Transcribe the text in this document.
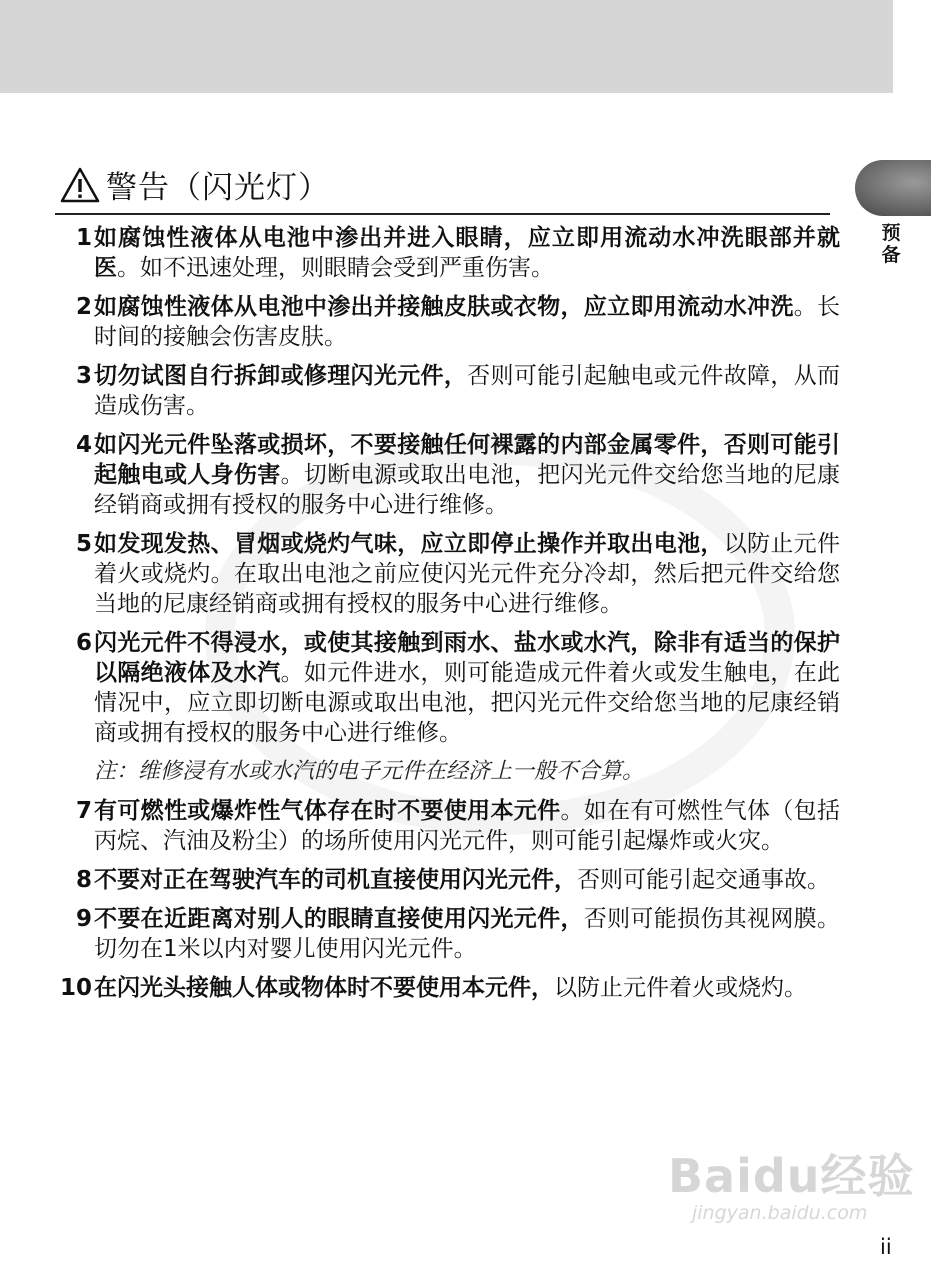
预备
警告（闪光灯）
1 如腐蚀性液体从电池中渗出并进入眼睛，应立即用流动水冲洗眼部并就医。如不迅速处理，则眼睛会受到严重伤害。
2 如腐蚀性液体从电池中渗出并接触皮肤或衣物，应立即用流动水冲洗。长时间的接触会伤害皮肤。
3 切勿试图自行拆卸或修理闪光元件，否则可能引起触电或元件故障，从而造成伤害。
4 如闪光元件坠落或损坏，不要接触任何裸露的内部金属零件，否则可能引起触电或人身伤害。切断电源或取出电池，把闪光元件交给您当地的尼康经销商或拥有授权的服务中心进行维修。
5 如发现发热、冒烟或烧灼气味，应立即停止操作并取出电池，以防止元件着火或烧灼。在取出电池之前应使闪光元件充分冷却，然后把元件交给您当地的尼康经销商或拥有授权的服务中心进行维修。
6 闪光元件不得浸水，或使其接触到雨水、盐水或水汽，除非有适当的保护以隔绝液体及水汽。如元件进水，则可能造成元件着火或发生触电，在此情况中，应立即切断电源或取出电池，把闪光元件交给您当地的尼康经销商或拥有授权的服务中心进行维修。
注：维修浸有水或水汽的电子元件在经济上一般不合算。
7 有可燃性或爆炸性气体存在时不要使用本元件。如在有可燃性气体（包括丙烷、汽油及粉尘）的场所使用闪光元件，则可能引起爆炸或火灾。
8 不要对正在驾驶汽车的司机直接使用闪光元件，否则可能引起交通事故。
9 不要在近距离对别人的眼睛直接使用闪光元件，否则可能损伤其视网膜。切勿在1米以内对婴儿使用闪光元件。
10 在闪光头接触人体或物体时不要使用本元件，以防止元件着火或烧灼。
Baidu经验
jingyan.baidu.com
ii
